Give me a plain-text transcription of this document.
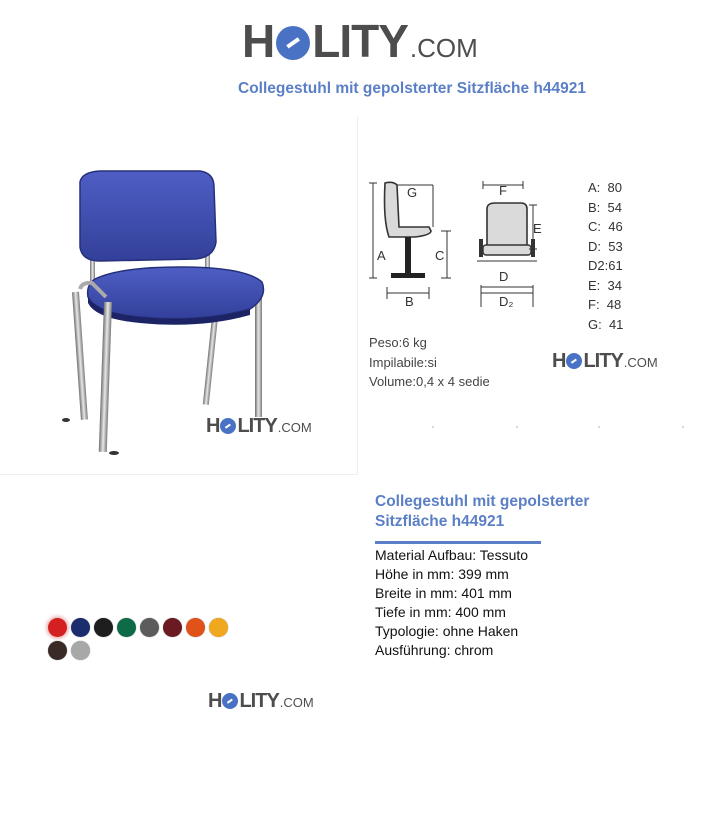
H LITY .COM
Collegestuhl mit gepolsterter Sitzfläche h44921
H LITY .COM
A
G
C
B
F
E
D
D₂
A:  80
B:  54
C:  46
D:  53
D2:61
E:  34
F:  48
G:  41
Peso:6 kg
Impilabile:si
Volume:0,4 x 4 sedie
H LITY .COM
Collegestuhl mit gepolsterter Sitzfläche h44921
Material Aufbau: Tessuto
Höhe in mm: 399 mm
Breite in mm: 401 mm
Tiefe in mm: 400 mm
Typologie: ohne Haken
Ausführung: chrom
H LITY .COM
